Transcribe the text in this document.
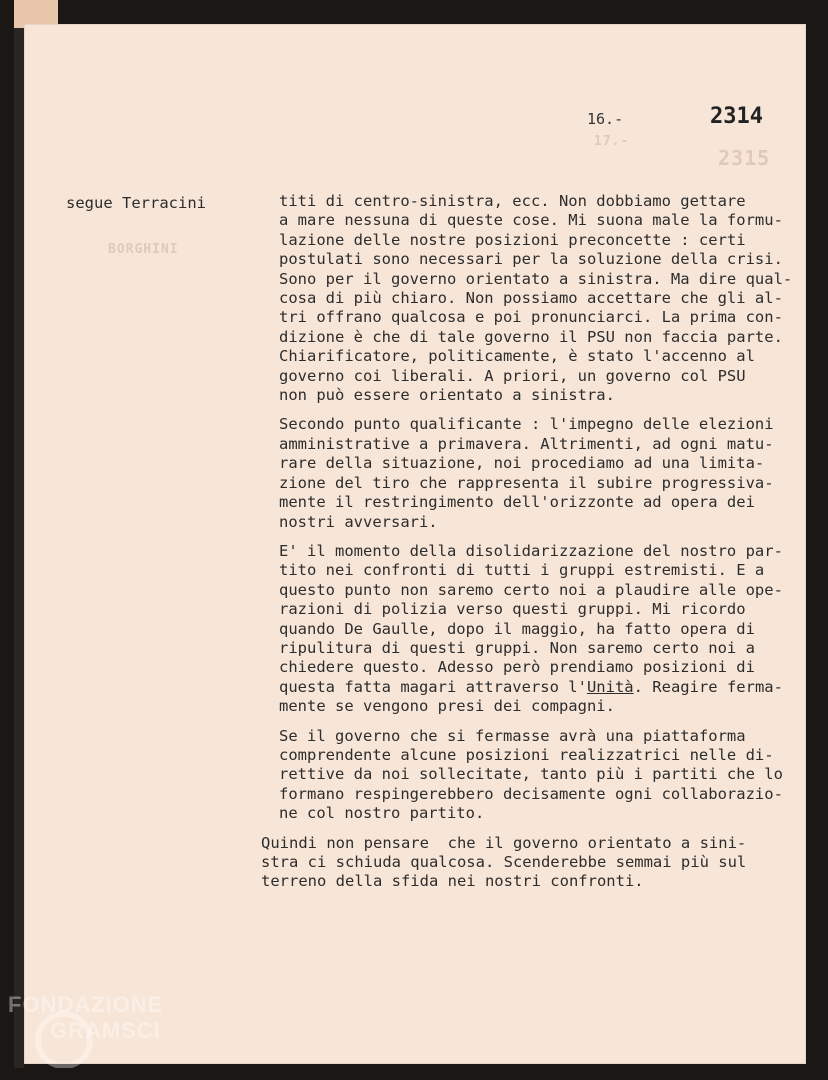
2315
17.-
BORGHINI
16.-	2314
segue Terracini	titi di centro-sinistra, ecc. Non dobbiamo gettare
a mare nessuna di queste cose. Mi suona male la formu-
lazione delle nostre posizioni preconcette : certi
postulati sono necessari per la soluzione della crisi.
Sono per il governo orientato a sinistra. Ma dire qual-
cosa di più chiaro. Non possiamo accettare che gli al-
tri offrano qualcosa e poi pronunciarci. La prima con-
dizione è che di tale governo il PSU non faccia parte.
Chiarificatore, politicamente, è stato l'accenno al
governo coi liberali. A priori, un governo col PSU
non può essere orientato a sinistra.
Secondo punto qualificante : l'impegno delle elezioni
amministrative a primavera. Altrimenti, ad ogni matu-
rare della situazione, noi procediamo ad una limita-
zione del tiro che rappresenta il subire progressiva-
mente il restringimento dell'orizzonte ad opera dei
nostri avversari.
E' il momento della disolidarizzazione del nostro par-
tito nei confronti di tutti i gruppi estremisti. E a
questo punto non saremo certo noi a plaudire alle ope-
razioni di polizia verso questi gruppi. Mi ricordo
quando De Gaulle, dopo il maggio, ha fatto opera di
ripulitura di questi gruppi. Non saremo certo noi a
chiedere questo. Adesso però prendiamo posizioni di
questa fatta magari attraverso l'Unità. Reagire ferma-
mente se vengono presi dei compagni.
Se il governo che si fermasse avrà una piattaforma
comprendente alcune posizioni realizzatrici nelle di-
rettive da noi sollecitate, tanto più i partiti che lo
formano respingerebbero decisamente ogni collaborazio-
ne col nostro partito.
Quindi non pensare  che il governo orientato a sini-
stra ci schiuda qualcosa. Scenderebbe semmai più sul
terreno della sfida nei nostri confronti.
FONDAZIONE
GRAMSCI
